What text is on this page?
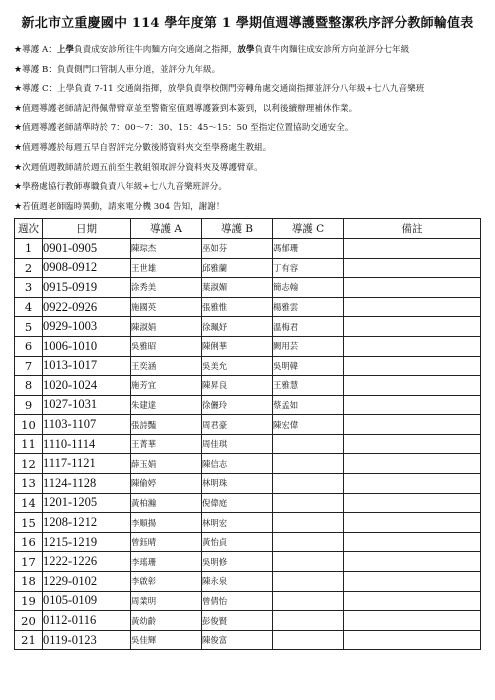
新北市立重慶國中 114 學年度第 1 學期值週導護暨整潔秩序評分教師輪值表
★導護 A：上學負責成安診所往牛肉麵方向交通崗之指揮，放學負責牛肉麵往成安診所方向並評分七年級
★導護 B：負責側門口管制人車分道，並評分九年級。
★導護 C：上學負責 7-11 交通崗指揮，放學負責學校側門旁轉角處交通崗指揮並評分八年級+七八九音樂班
★值週導護老師請記得佩帶臂章並至警衛室值週導護簽到本簽到，以利後續辦理補休作業。
★值週導護老師請準時於 7：00～7：30、15：45～15：50 至指定位置協助交通安全。
★值週導護於每週五早自習評完分數後將資料夾交至學務處生教組。
★次週值週教師請於週五前至生教組領取評分資料夾及導護臂章。
★學務處協行教師專職負責八年級+七八九音樂班評分。
★若值週老師臨時異動，請來電分機 304 告知，謝謝！
週次	日期	導護 A	導護 B	導護 C	備註
1	0901-0905	陳琮杰	巫如芬	馮郁珊	
2	0908-0912	王世雄	邱雅蘭	丁有容	
3	0915-0919	涂秀美	葉淑媚	簡志翰	
4	0922-0926	施國英	張雅惟	楊雅雲	
5	0929-1003	陳淑娟	徐珮妤	溫梅君	
6	1006-1010	吳雅昭	陳俐華	闕用芸	
7	1013-1017	王奕涵	吳美允	吳明韓	
8	1020-1024	施芳宜	陳昇良	王雅慧	
9	1027-1031	朱建達	徐儷玲	蔡孟如	
10	1103-1107	張詩豔	周君豪	陳宏偉	
11	1110-1114	王菁華	周佳琪		
12	1117-1121	薛玉娟	陳信志		
13	1124-1128	陳偷婷	林明珠		
14	1201-1205	黃柏瀚	倪偉庭		
15	1208-1212	李順揚	林明宏		
16	1215-1219	曾鈺晴	黃怡貞		
17	1222-1226	李瑤珊	吳明修		
18	1229-0102	李啟彰	陳永泉		
19	0105-0109	周業明	曾倩怡		
20	0112-0116	黃幼齡	彭俊賢		
21	0119-0123	吳佳輝	陳俊富		
